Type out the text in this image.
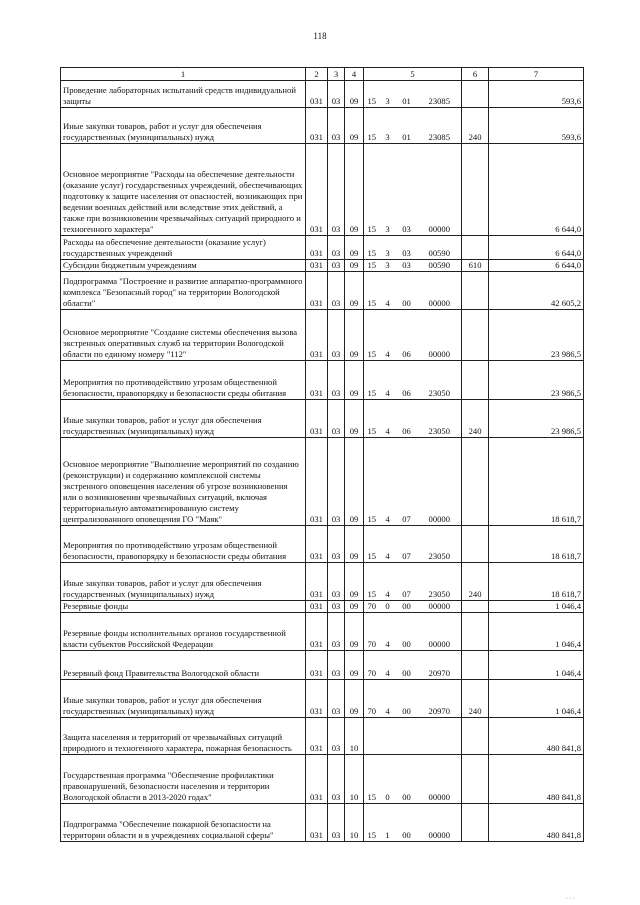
118
1	2	3	4	5				6	7
Проведение лабораторных испытаний средств индивидуальной защиты	031	03	09	15	3	01	23085		593,6
Иные закупки товаров, работ и услуг для обеспечения государственных (муниципальных) нужд	031	03	09	15	3	01	23085	240	593,6
Основное мероприятие "Расходы на обеспечение деятельности (оказание услуг) государственных учреждений, обеспечивающих подготовку к защите населения от опасностей, возникающих при ведении военных действий или вследствие этих действий, а также при возникновении чрезвычайных ситуаций природного и техногенного характера"	031	03	09	15	3	03	00000		6 644,0
Расходы на обеспечение деятельности (оказание услуг) государственных учреждений	031	03	09	15	3	03	00590		6 644,0
Субсидии бюджетным учреждениям	031	03	09	15	3	03	00590	610	6 644,0
Подпрограмма "Построение и развитие аппаратно-программного комплекса "Безопасный город" на территории Вологодской области"	031	03	09	15	4	00	00000		42 605,2
Основное мероприятие "Создание системы обеспечения вызова экстренных оперативных служб на территории Вологодской области по единому номеру "112"	031	03	09	15	4	06	00000		23 986,5
Мероприятия по противодействию угрозам общественной безопасности, правопорядку и безопасности среды обитания	031	03	09	15	4	06	23050		23 986,5
Иные закупки товаров, работ и услуг для обеспечения государственных (муниципальных) нужд	031	03	09	15	4	06	23050	240	23 986,5
Основное мероприятие "Выполнение мероприятий по созданию (реконструкции) и содержанию комплексной системы экстренного оповещения населения об угрозе возникновения или о возникновении чрезвычайных ситуаций, включая территориальную автоматизированную систему централизованного оповещения ГО "Маяк"	031	03	09	15	4	07	00000		18 618,7
Мероприятия по противодействию угрозам общественной безопасности, правопорядку и безопасности среды обитания	031	03	09	15	4	07	23050		18 618,7
Иные закупки товаров, работ и услуг для обеспечения государственных (муниципальных) нужд	031	03	09	15	4	07	23050	240	18 618,7
Резервные фонды	031	03	09	70	0	00	00000		1 046,4
Резервные фонды исполнительных органов государственной власти субъектов Российской Федерации	031	03	09	70	4	00	00000		1 046,4
Резервный фонд Правительства Вологодской области	031	03	09	70	4	00	20970		1 046,4
Иные закупки товаров, работ и услуг для обеспечения государственных (муниципальных) нужд	031	03	09	70	4	00	20970	240	1 046,4
Защита населения и территорий от чрезвычайных ситуаций природного и техногенного характера, пожарная безопасность	031	03	10						480 841,8
Государственная программа "Обеспечение профилактики правонарушений, безопасности населения и территории Вологодской области в 2013-2020 годах"	031	03	10	15	0	00	00000		480 841,8
Подпрограмма "Обеспечение пожарной безопасности на территории области и в учреждениях социальной сферы"	031	03	10	15	1	00	00000		480 841,8
· · ·
